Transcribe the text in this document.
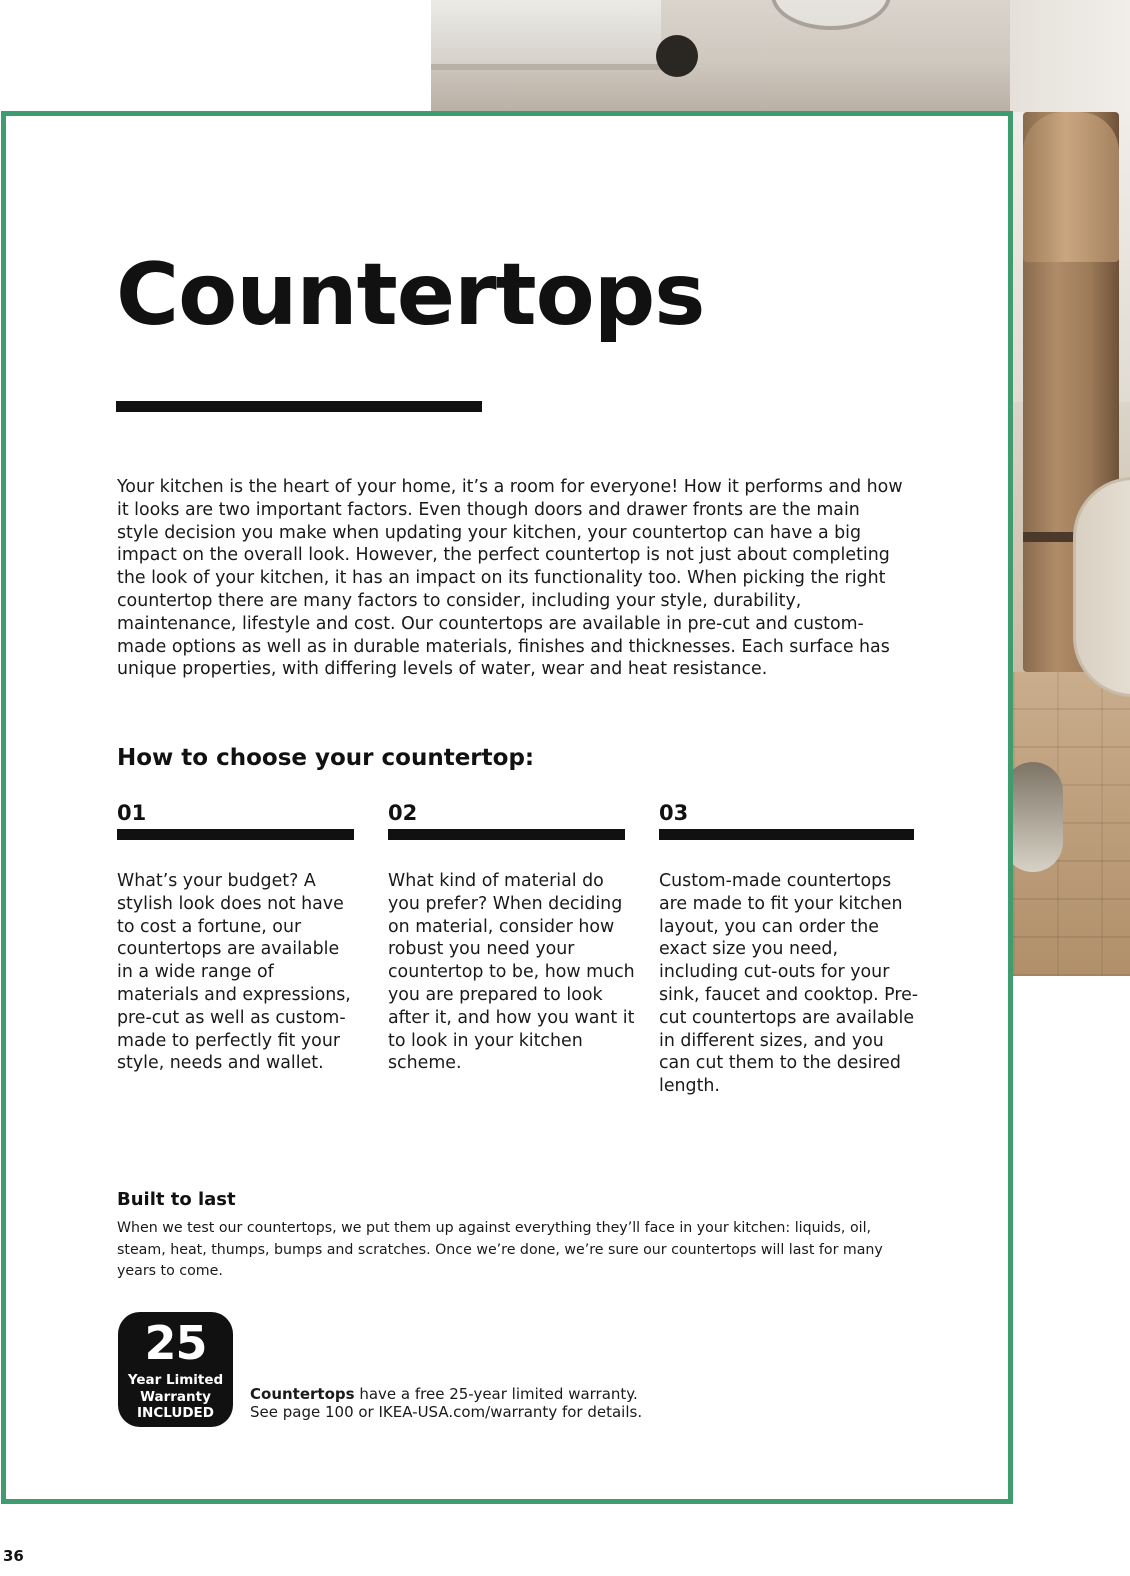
Countertops

Your kitchen is the heart of your home, it’s a room for everyone! How it performs and how it looks are two important factors. Even though doors and drawer fronts are the main style decision you make when updating your kitchen, your countertop can have a big impact on the overall look. However, the perfect countertop is not just about completing the look of your kitchen, it has an impact on its functionality too. When picking the right countertop there are many factors to consider, including your style, durability, maintenance, lifestyle and cost. Our countertops are available in pre-cut and custom-made options as well as in durable materials, finishes and thicknesses. Each surface has unique properties, with differing levels of water, wear and heat resistance.

How to choose your countertop:
01

What’s your budget? A stylish look does not have to cost a fortune, our countertops are available in a wide range of materials and expressions, pre-cut as well as custom-made to perfectly fit your style, needs and wallet.

02

What kind of material do you prefer? When deciding on material, consider how robust you need your countertop to be, how much you are prepared to look after it, and how you want it to look in your kitchen scheme.

03

Custom-made countertops are made to fit your kitchen layout, you can order the exact size you need, including cut-outs for your sink, faucet and cooktop. Pre-cut countertops are available in different sizes, and you can cut them to the desired length.

Built to last

When we test our countertops, we put them up against everything they’ll face in your kitchen: liquids, oil, steam, heat, thumps, bumps and scratches. Once we’re done, we’re sure our countertops will last for many years to come.

25
Year Limited
Warranty
INCLUDED

Countertops have a free 25-year limited warranty.
See page 100 or IKEA-USA.com/warranty for details.

36
